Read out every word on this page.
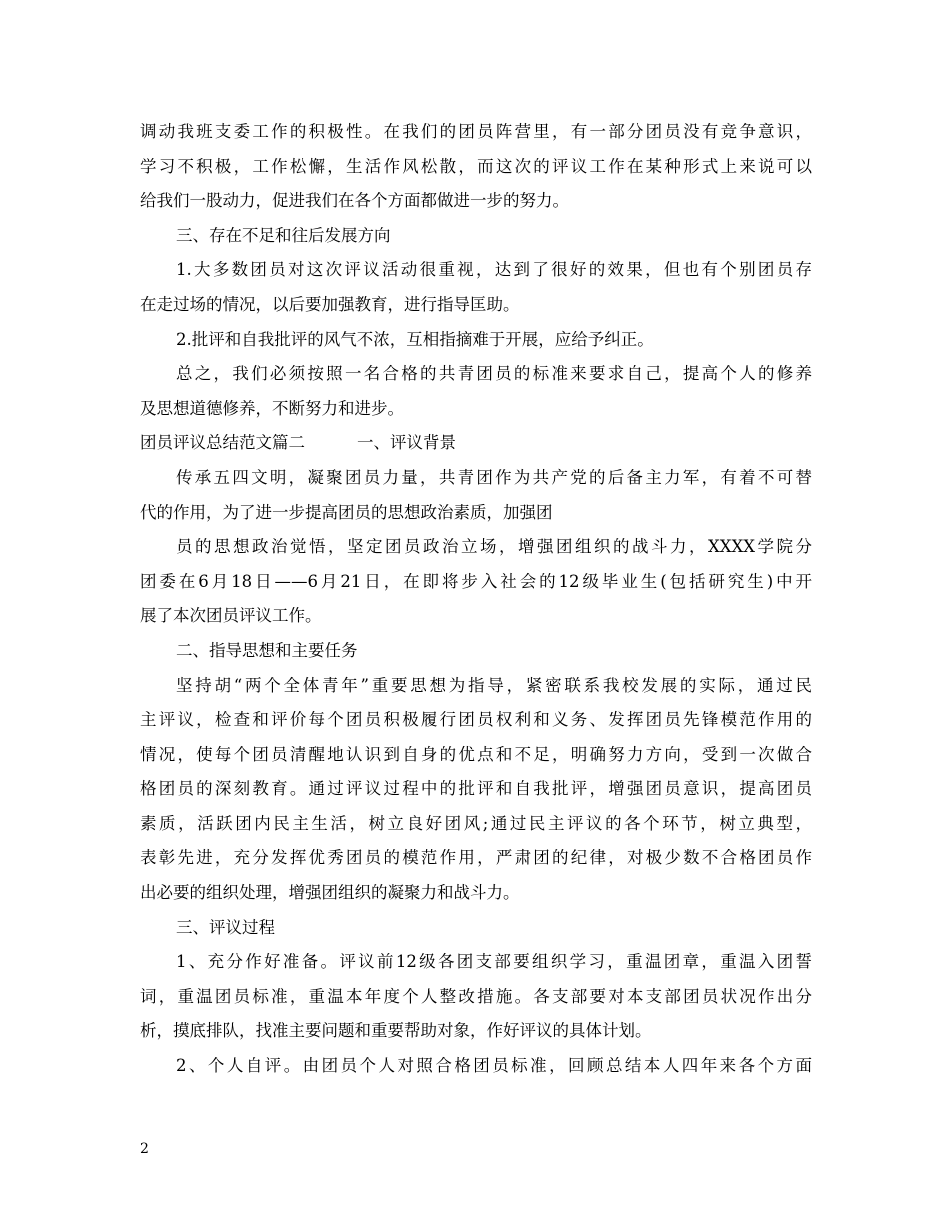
调动我班支委工作的积极性。在我们的团员阵营里，有一部分团员没有竞争意识，
学习不积极，工作松懈，生活作风松散，而这次的评议工作在某种形式上来说可以
给我们一股动力，促进我们在各个方面都做进一步的努力。
三、存在不足和往后发展方向
1.大多数团员对这次评议活动很重视，达到了很好的效果，但也有个别团员存
在走过场的情况，以后要加强教育，进行指导匡助。
2.批评和自我批评的风气不浓，互相指摘难于开展，应给予纠正。
总之，我们必须按照一名合格的共青团员的标准来要求自己，提高个人的修养
及思想道德修养，不断努力和进步。
团员评议总结范文篇二	一、评议背景
传承五四文明，凝聚团员力量，共青团作为共产党的后备主力军，有着不可替
代的作用，为了进一步提高团员的思想政治素质，加强团
员的思想政治觉悟，坚定团员政治立场，增强团组织的战斗力，XXXX学院分
团委在6月18日——6月21日，在即将步入社会的12级毕业生(包括研究生)中开
展了本次团员评议工作。
二、指导思想和主要任务
坚持胡“两个全体青年”重要思想为指导，紧密联系我校发展的实际，通过民
主评议，检查和评价每个团员积极履行团员权利和义务、发挥团员先锋模范作用的
情况，使每个团员清醒地认识到自身的优点和不足，明确努力方向，受到一次做合
格团员的深刻教育。通过评议过程中的批评和自我批评，增强团员意识，提高团员
素质，活跃团内民主生活，树立良好团风;通过民主评议的各个环节，树立典型，
表彰先进，充分发挥优秀团员的模范作用，严肃团的纪律，对极少数不合格团员作
出必要的组织处理，增强团组织的凝聚力和战斗力。
三、评议过程
1、充分作好准备。评议前12级各团支部要组织学习，重温团章，重温入团誓
词，重温团员标准，重温本年度个人整改措施。各支部要对本支部团员状况作出分
析，摸底排队，找准主要问题和重要帮助对象，作好评议的具体计划。
2、个人自评。由团员个人对照合格团员标准，回顾总结本人四年来各个方面
2
